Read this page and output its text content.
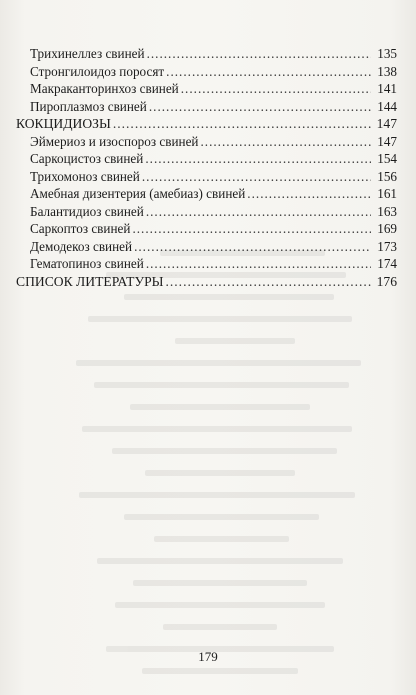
Трихинеллез свиней .....	135
Стронгилоидоз поросят .....	138
Макракантоpинхоз свиней .....	141
Пироплазмоз свиней .....	144
КОКЦИДИОЗЫ .....	147
Эймериоз и изоспороз свиней .....	147
Саркоцистоз свиней .....	154
Трихомоноз свиней .....	156
Амебная дизентерия (амебиаз) свиней .....	161
Балантидиоз свиней .....	163
Саркоптоз свиней .....	169
Демодекоз свиней .....	173
Гематопиноз свиней .....	174
СПИСОК ЛИТЕРАТУРЫ .....	176
179
